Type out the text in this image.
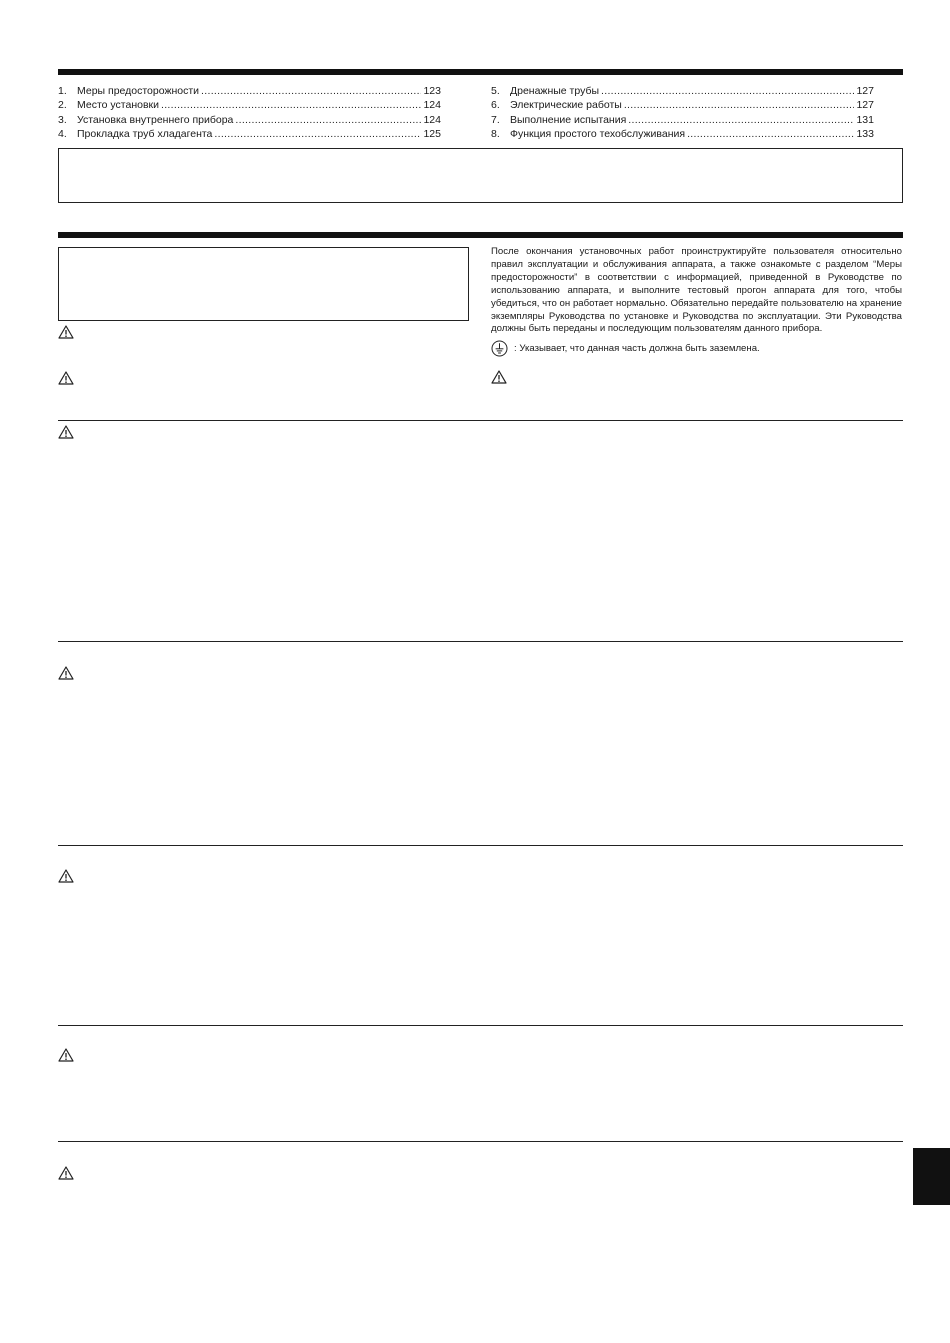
1. Меры предосторожности .....	123
2. Место установки .....	124
3. Установка внутреннего прибора .....	124
4. Прокладка труб хладагента .....	125
5. Дренажные трубы .....	127
6. Электрические работы .....	127
7. Выполнение испытания .....	131
8. Функция простого техобслуживания .....	133

После окончания установочных работ проинструктируйте пользователя относительно правил эксплуатации и обслуживания аппарата, а также ознакомьте с разделом “Меры предосторожности” в соответствии с информацией, приведенной в Руководстве по использованию аппарата, и выполните тестовый прогон аппарата для того, чтобы убедиться, что он работает нормально. Обязательно передайте пользователю на хранение экземпляры Руководства по установке и Руководства по эксплуатации. Эти Руководства должны быть переданы и последующим пользователям данного прибора.

: Указывает, что данная часть должна быть заземлена.
